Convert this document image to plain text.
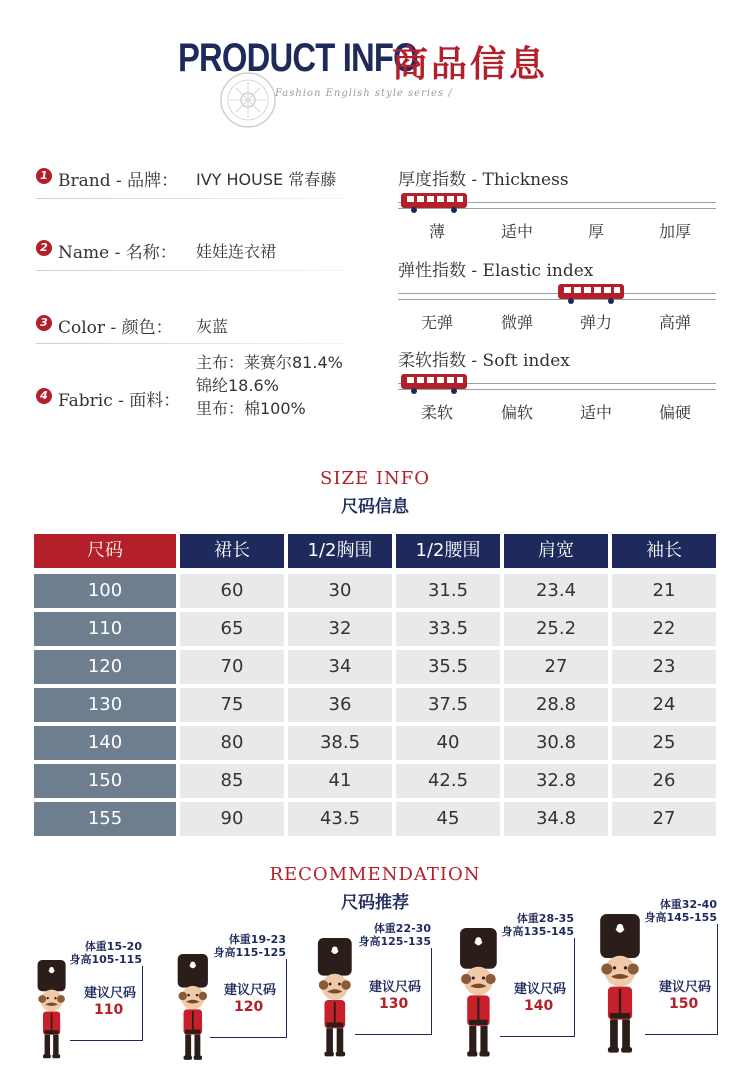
PRODUCT INFO
商品信息
Fashion English style series /
1 Brand - 品牌： IVY HOUSE 常春藤
2 Name - 名称： 娃娃连衣裙
3 Color - 颜色： 灰蓝
4 Fabric - 面料：
主布：莱赛尔81.4%
锦纶18.6%
里布：棉100%
厚度指数 - Thickness
薄	适中	厚	加厚
弹性指数 - Elastic index
无弹	微弹	弹力	高弹
柔软指数 - Soft index
柔软	偏软	适中	偏硬
SIZE INFO
尺码信息
尺码	裙长	1/2胸围	1/2腰围	肩宽	袖长
100	60	30	31.5	23.4	21
110	65	32	33.5	25.2	22
120	70	34	35.5	27	23
130	75	36	37.5	28.8	24
140	80	38.5	40	30.8	25
150	85	41	42.5	32.8	26
155	90	43.5	45	34.8	27
RECOMMENDATION
尺码推荐
体重15-20
身高105-115
建议尺码
110
体重19-23
身高115-125
建议尺码
120
体重22-30
身高125-135
建议尺码
130
体重28-35
身高135-145
建议尺码
140
体重32-40
身高145-155
建议尺码
150
